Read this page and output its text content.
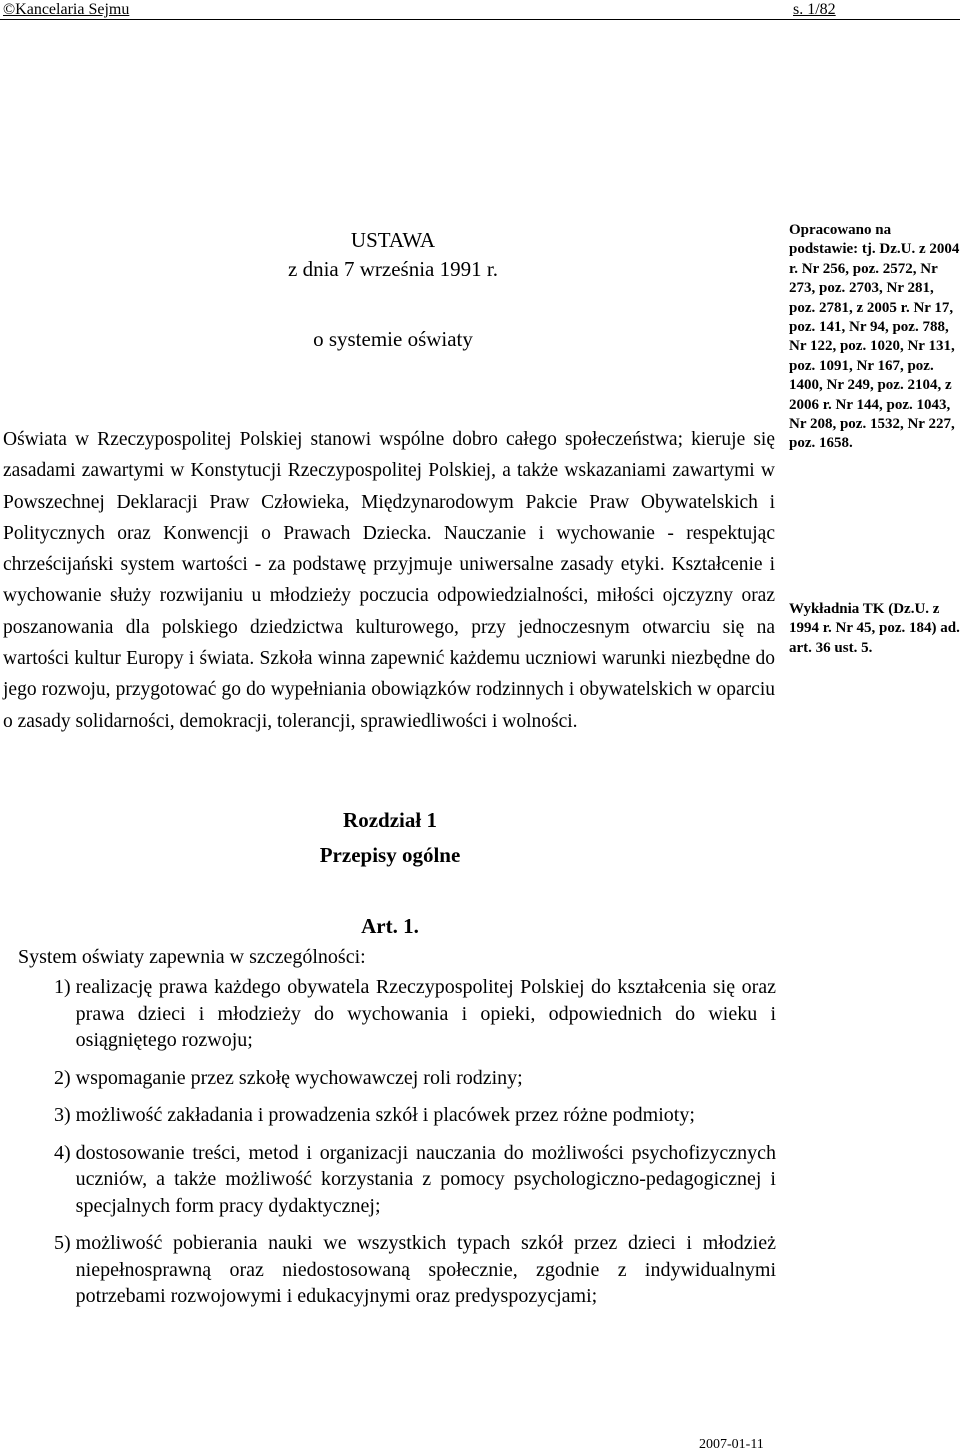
©Kancelaria Sejmu	s. 1/82
USTAWA
z dnia 7 września 1991 r.
o systemie oświaty

Oświata w Rzeczypospolitej Polskiej stanowi wspólne dobro całego społeczeństwa; kieruje się zasadami zawartymi w Konstytucji Rzeczypospolitej Polskiej, a także wskazaniami zawartymi w Powszechnej Deklaracji Praw Człowieka, Międzynarodowym Pakcie Praw Obywatelskich i Politycznych oraz Konwencji o Prawach Dziecka. Nauczanie i wychowanie - respektując chrześcijański system wartości - za podstawę przyjmuje uniwersalne zasady etyki. Kształcenie i wychowanie służy rozwijaniu u młodzieży poczucia odpowiedzialności, miłości ojczyzny oraz poszanowania dla polskiego dziedzictwa kulturowego, przy jednoczesnym otwarciu się na wartości kultur Europy i świata. Szkoła winna zapewnić każdemu uczniowi warunki niezbędne do jego rozwoju, przygotować go do wypełniania obowiązków rodzinnych i obywatelskich w oparciu o zasady solidarności, demokracji, tolerancji, sprawiedliwości i wolności.

Opracowano na podstawie: tj. Dz.U. z 2004 r. Nr 256, poz. 2572, Nr 273, poz. 2703, Nr 281, poz. 2781, z 2005 r. Nr 17, poz. 141, Nr 94, poz. 788, Nr 122, poz. 1020, Nr 131, poz. 1091, Nr 167, poz. 1400, Nr 249, poz. 2104, z 2006 r. Nr 144, poz. 1043, Nr 208, poz. 1532, Nr 227, poz. 1658.

Wykładnia TK (Dz.U. z 1994 r. Nr 45, poz. 184) ad. art. 36 ust. 5.

Rozdział 1
Przepisy ogólne
Art. 1.
System oświaty zapewnia w szczególności:
1) realizację prawa każdego obywatela Rzeczypospolitej Polskiej do kształcenia się oraz prawa dzieci i młodzieży do wychowania i opieki, odpowiednich do wieku i osiągniętego rozwoju;
2) wspomaganie przez szkołę wychowawczej roli rodziny;
3) możliwość zakładania i prowadzenia szkół i placówek przez różne podmioty;
4) dostosowanie treści, metod i organizacji nauczania do możliwości psychofizycznych uczniów, a także możliwość korzystania z pomocy psychologiczno-pedagogicznej i specjalnych form pracy dydaktycznej;
5) możliwość pobierania nauki we wszystkich typach szkół przez dzieci i młodzież niepełnosprawną oraz niedostosowaną społecznie, zgodnie z indywidualnymi potrzebami rozwojowymi i edukacyjnymi oraz predyspozycjami;
2007-01-11
